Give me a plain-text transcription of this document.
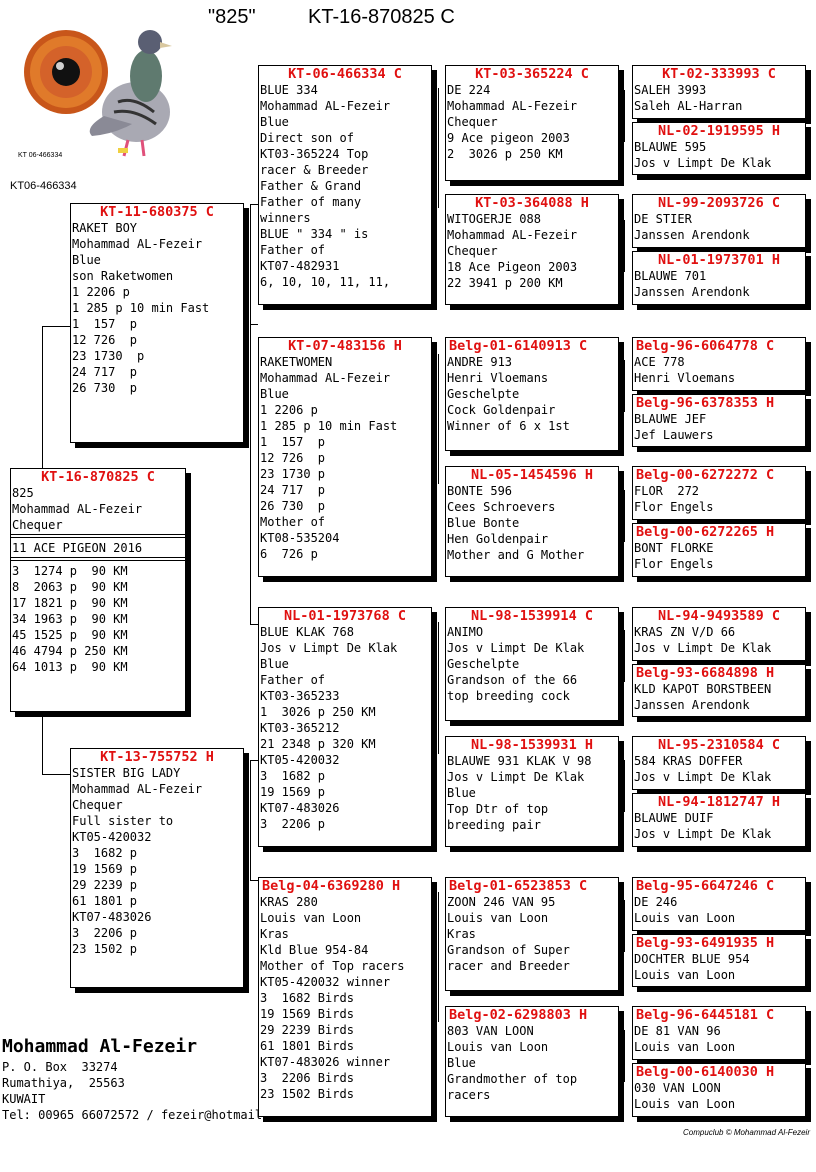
"825"	KT-16-870825 C
KT 06-466334
KT06-466334
KT-16-870825 C
825
Mohammad AL-Fezeir
Chequer
11 ACE PIGEON 2016
3  1274 p  90 KM
8  2063 p  90 KM
17 1821 p  90 KM
34 1963 p  90 KM
45 1525 p  90 KM
46 4794 p 250 KM
64 1013 p  90 KM
KT-11-680375 C
RAKET BOY
Mohammad AL-Fezeir
Blue
son Raketwomen
1 2206 p
1 285 p 10 min Fast
1  157  p
12 726  p
23 1730  p
24 717  p
26 730  p
KT-13-755752 H
SISTER BIG LADY
Mohammad AL-Fezeir
Chequer
Full sister to
KT05-420032
3  1682 p
19 1569 p
29 2239 p
61 1801 p
KT07-483026
3  2206 p
23 1502 p
KT-06-466334 C
BLUE 334
Mohammad AL-Fezeir
Blue
Direct son of
KT03-365224 Top
racer & Breeder
Father & Grand
Father of many
winners
BLUE " 334 " is
Father of
KT07-482931
6, 10, 10, 11, 11,
KT-07-483156 H
RAKETWOMEN
Mohammad AL-Fezeir
Blue
1 2206 p
1 285 p 10 min Fast
1  157  p
12 726  p
23 1730 p
24 717  p
26 730  p
Mother of
KT08-535204
6  726 p
NL-01-1973768 C
BLUE KLAK 768
Jos v Limpt De Klak
Blue
Father of
KT03-365233
1  3026 p 250 KM
KT03-365212
21 2348 p 320 KM
KT05-420032
3  1682 p
19 1569 p
KT07-483026
3  2206 p
Belg-04-6369280 H
KRAS 280
Louis van Loon
Kras
Kld Blue 954-84
Mother of Top racers
KT05-420032 winner
3  1682 Birds
19 1569 Birds
29 2239 Birds
61 1801 Birds
KT07-483026 winner
3  2206 Birds
23 1502 Birds
KT-03-365224 C
DE 224
Mohammad AL-Fezeir
Chequer
9 Ace pigeon 2003
2  3026 p 250 KM
KT-03-364088 H
WITOGERJE 088
Mohammad AL-Fezeir
Chequer
18 Ace Pigeon 2003
22 3941 p 200 KM
Belg-01-6140913 C
ANDRE 913
Henri Vloemans
Geschelpte
Cock Goldenpair
Winner of 6 x 1st
NL-05-1454596 H
BONTE 596
Cees Schroevers
Blue Bonte
Hen Goldenpair
Mother and G Mother
NL-98-1539914 C
ANIMO
Jos v Limpt De Klak
Geschelpte
Grandson of the 66
top breeding cock
NL-98-1539931 H
BLAUWE 931 KLAK V 98
Jos v Limpt De Klak
Blue
Top Dtr of top
breeding pair
Belg-01-6523853 C
ZOON 246 VAN 95
Louis van Loon
Kras
Grandson of Super
racer and Breeder
Belg-02-6298803 H
803 VAN LOON
Louis van Loon
Blue
Grandmother of top
racers
KT-02-333993 C
SALEH 3993
Saleh AL-Harran
NL-02-1919595 H
BLAUWE 595
Jos v Limpt De Klak
NL-99-2093726 C
DE STIER
Janssen Arendonk
NL-01-1973701 H
BLAUWE 701
Janssen Arendonk
Belg-96-6064778 C
ACE 778
Henri Vloemans
Belg-96-6378353 H
BLAUWE JEF
Jef Lauwers
Belg-00-6272272 C
FLOR  272
Flor Engels
Belg-00-6272265 H
BONT FLORKE
Flor Engels
NL-94-9493589 C
KRAS ZN V/D 66
Jos v Limpt De Klak
Belg-93-6684898 H
KLD KAPOT BORSTBEEN
Janssen Arendonk
NL-95-2310584 C
584 KRAS DOFFER
Jos v Limpt De Klak
NL-94-1812747 H
BLAUWE DUIF
Jos v Limpt De Klak
Belg-95-6647246 C
DE 246
Louis van Loon
Belg-93-6491935 H
DOCHTER BLUE 954
Louis van Loon
Belg-96-6445181 C
DE 81 VAN 96
Louis van Loon
Belg-00-6140030 H
030 VAN LOON
Louis van Loon
Mohammad Al-Fezeir
P. O. Box  33274
Rumathiya,  25563
KUWAIT
Tel: 00965 66072572 / fezeir@hotmail.
Compuclub © Mohammad Al-Fezeir
